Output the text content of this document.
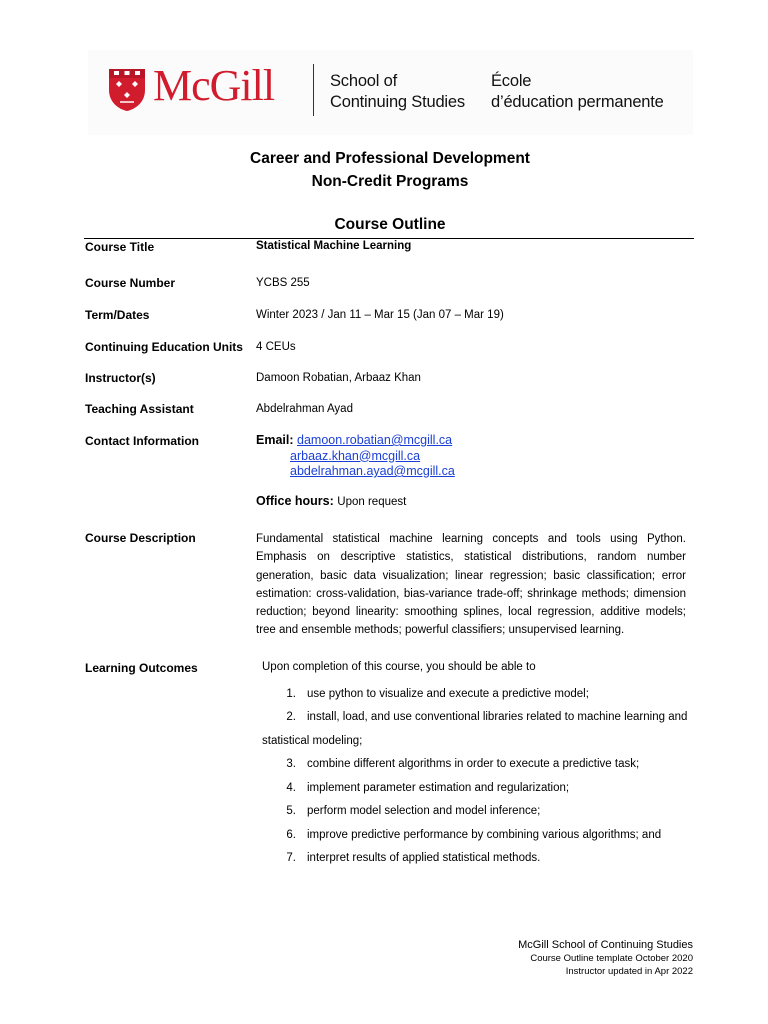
McGill	School of
Continuing Studies
École
d’éducation permanente
Career and Professional Development
Non-Credit Programs
Course Outline
Course Title	Statistical Machine Learning
Course Number	YCBS 255
Term/Dates	Winter 2023 / Jan 11 – Mar 15 (Jan 07 – Mar 19)
Continuing Education Units 4 CEUs
Instructor(s)	Damoon Robatian, Arbaaz Khan
Teaching Assistant	Abdelrahman Ayad
Contact Information	Email: damoon.robatian@mcgill.ca
arbaaz.khan@mcgill.ca
abdelrahman.ayad@mcgill.ca
Office hours: Upon request
Course Description	Fundamental statistical machine learning concepts and tools using Python. Emphasis on descriptive statistics, statistical distributions, random number generation, basic data visualization; linear regression; basic classification; error estimation: cross-validation, bias-variance trade-off; shrinkage methods; dimension reduction; beyond linearity: smoothing splines, local regression, additive models; tree and ensemble methods; powerful classifiers; unsupervised learning.
Learning Outcomes	Upon completion of this course, you should be able to
1. use python to visualize and execute a predictive model;
2. install, load, and use conventional libraries related to machine learning and
statistical modeling;
3. combine different algorithms in order to execute a predictive task;
4. implement parameter estimation and regularization;
5. perform model selection and model inference;
6. improve predictive performance by combining various algorithms; and
7. interpret results of applied statistical methods.
McGill School of Continuing Studies
Course Outline template October 2020
Instructor updated in Apr 2022
